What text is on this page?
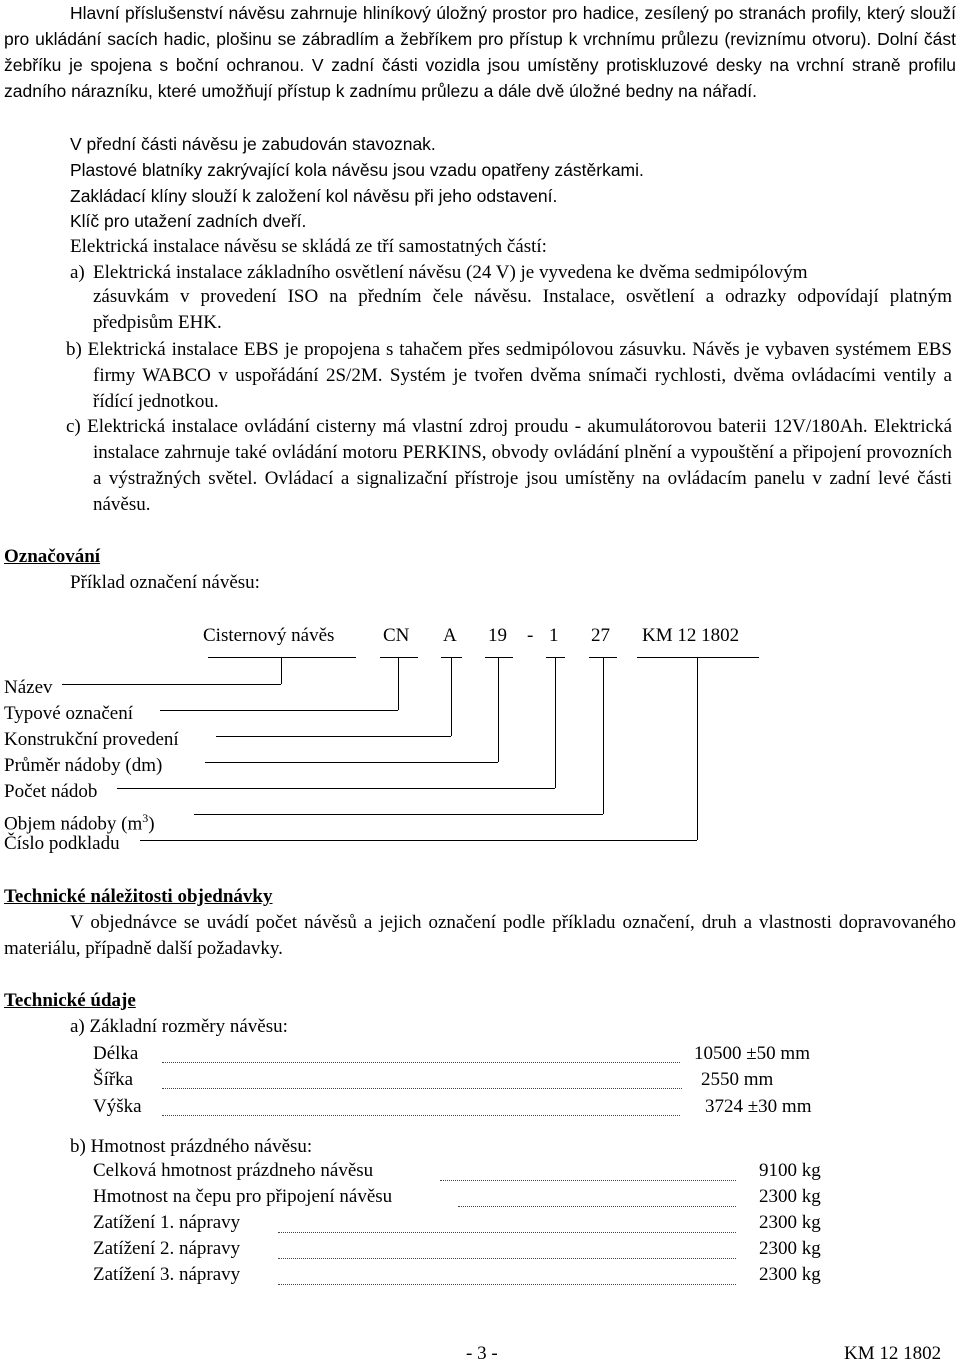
Hlavní příslušenství návěsu zahrnuje hliníkový úložný prostor pro hadice, zesílený po stranách profily, který slouží pro ukládání sacích hadic, plošinu se zábradlím a žebříkem pro přístup k vrchnímu průlezu (reviznímu otvoru). Dolní část žebříku je spojena s boční ochranou. V zadní části vozidla jsou umístěny protiskluzové desky na vrchní straně profilu zadního nárazníku, které umožňují přístup k zadnímu průlezu a dále dvě úložné bedny na nářadí.
V přední části návěsu je zabudován stavoznak.
Plastové blatníky zakrývající kola návěsu jsou vzadu opatřeny zástěrkami.
Zakládací klíny slouží k založení kol návěsu při jeho odstavení.
Klíč pro utažení zadních dveří.
Elektrická instalace návěsu se skládá ze tří samostatných částí:
a) Elektrická instalace základního osvětlení návěsu (24 V) je vyvedena ke dvěma sedmipólovým
zásuvkám v provedení ISO na předním čele návěsu. Instalace, osvětlení a odrazky odpovídají platným předpisům EHK.
b) Elektrická instalace EBS je propojena s tahačem přes sedmipólovou zásuvku. Návěs je vybaven systémem EBS firmy WABCO v uspořádání 2S/2M. Systém je tvořen dvěma snímači rychlosti, dvěma ovládacími ventily a řídící jednotkou.
c) Elektrická instalace ovládání cisterny má vlastní zdroj proudu - akumulátorovou baterii 12V/180Ah. Elektrická instalace zahrnuje také ovládání motoru PERKINS, obvody ovládání plnění a vypouštění a připojení provozních a výstražných světel. Ovládací a signalizační přístroje jsou umístěny na ovládacím panelu v zadní levé části návěsu.
Označování
Příklad označení návěsu:
Cisternový návěs	CN A 19 - 1 27 KM 12 1802
Název
Typové označení
Konstrukční provedení
Průměr nádoby (dm)
Počet nádob
Objem nádoby $(m^3)$
Číslo podkladu
Technické náležitosti objednávky
V objednávce se uvádí počet návěsů a jejich označení podle příkladu označení, druh a vlastnosti dopravovaného materiálu, případně další požadavky.
Technické údaje
a) Základní rozměry návěsu:
Délka	10500 ±50 mm
Šířka	2550 mm
Výška	3724 ±30 mm
b) Hmotnost prázdného návěsu:
Celková hmotnost prázdneho návěsu	9100 kg
Hmotnost na čepu pro připojení návěsu	2300 kg
Zatížení 1. nápravy	2300 kg
Zatížení 2. nápravy	2300 kg
Zatížení 3. nápravy	2300 kg
- 3 -	KM 12 1802
